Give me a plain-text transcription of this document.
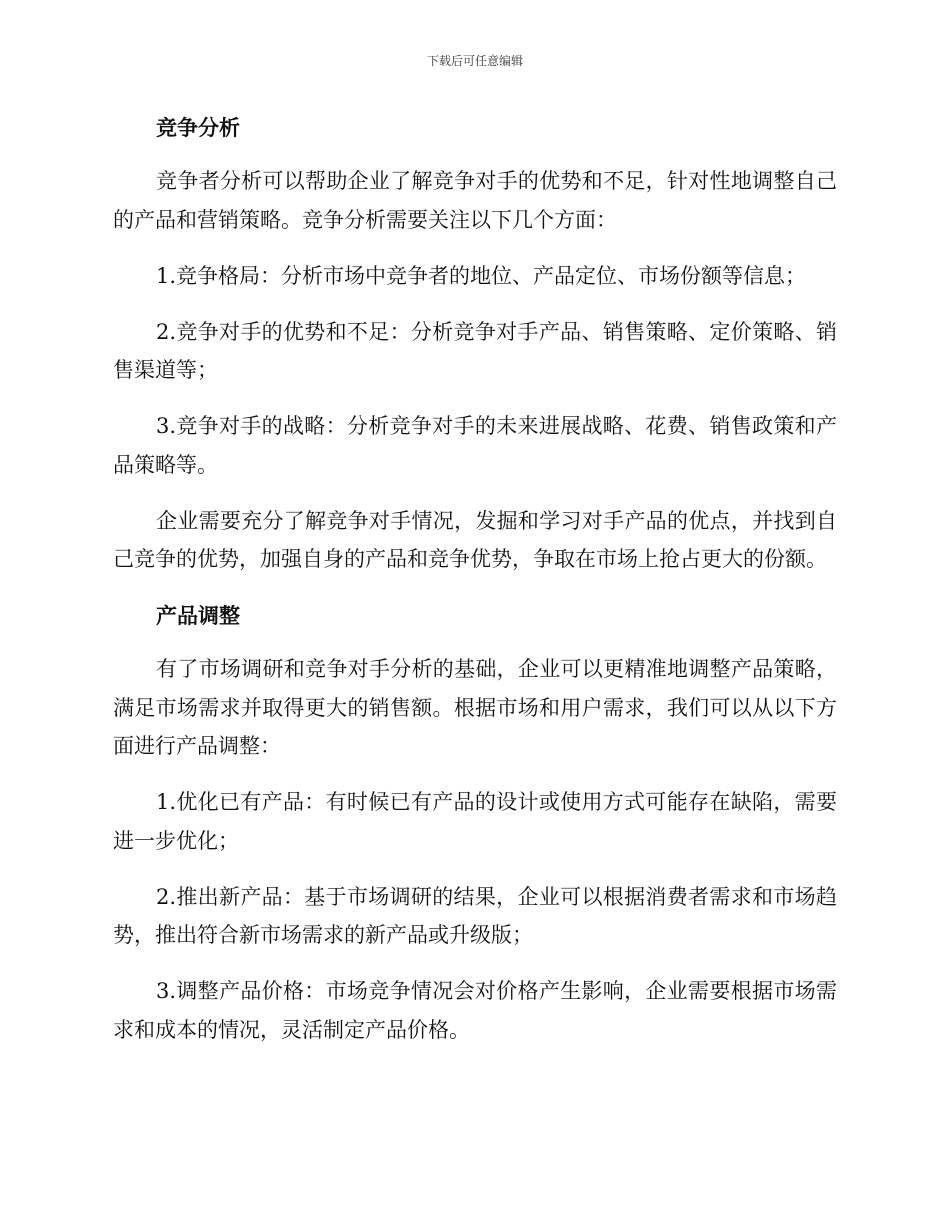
下载后可任意编辑
竞争分析

竞争者分析可以帮助企业了解竞争对手的优势和不足，针对性地调整自己的产品和营销策略。竞争分析需要关注以下几个方面：

1.竞争格局：分析市场中竞争者的地位、产品定位、市场份额等信息；

2.竞争对手的优势和不足：分析竞争对手产品、销售策略、定价策略、销售渠道等；

3.竞争对手的战略：分析竞争对手的未来进展战略、花费、销售政策和产品策略等。

企业需要充分了解竞争对手情况，发掘和学习对手产品的优点，并找到自己竞争的优势，加强自身的产品和竞争优势，争取在市场上抢占更大的份额。

产品调整

有了市场调研和竞争对手分析的基础，企业可以更精准地调整产品策略，满足市场需求并取得更大的销售额。根据市场和用户需求，我们可以从以下方面进行产品调整：

1.优化已有产品：有时候已有产品的设计或使用方式可能存在缺陷，需要进一步优化；

2.推出新产品：基于市场调研的结果，企业可以根据消费者需求和市场趋势，推出符合新市场需求的新产品或升级版；

3.调整产品价格：市场竞争情况会对价格产生影响，企业需要根据市场需求和成本的情况，灵活制定产品价格。
